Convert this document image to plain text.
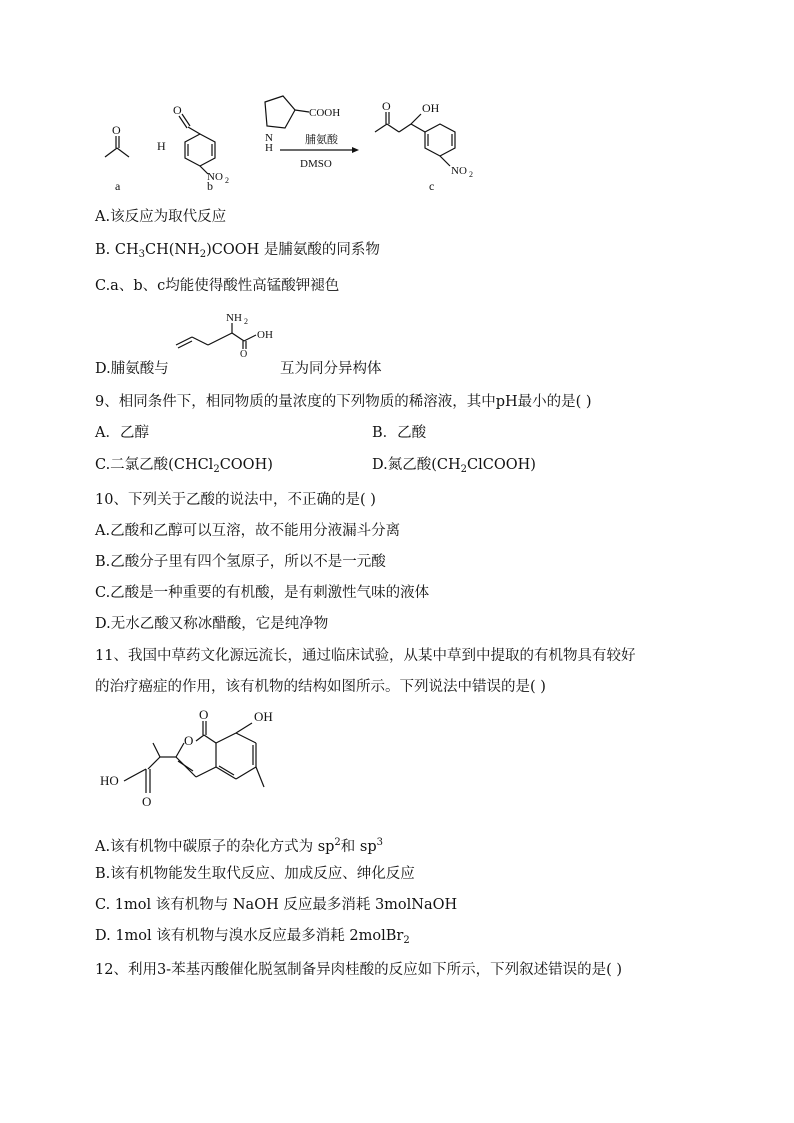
O
a
H
O
NO 2
b
COOH
N
H
脯氨酸
DMSO
O	OH
NO 2
c
A.该反应为取代反应
B. $CH_3CH(NH_2)COOH$ 是脯氨酸的同系物
C.a、b、c均能使得酸性高锰酸钾褪色
NH 2
OH
O
D.脯氨酸与	互为同分异构体
9、相同条件下，相同物质的量浓度的下列物质的稀溶液，其中pH最小的是( )
A．乙醇	B．乙酸
C.二氯乙酸(CHCl$_2$COOH)	D.氮乙酸$(CH_2ClCOOH)$
10、下列关于乙酸的说法中，不正确的是( )
A.乙酸和乙醇可以互溶，故不能用分液漏斗分离
B.乙酸分子里有四个氢原子，所以不是一元酸
C.乙酸是一种重要的有机酸，是有刺激性气味的液体
D.无水乙酸又称冰醋酸，它是纯净物
11、我国中草药文化源远流长，通过临床试验，从某中草到中提取的有机物具有较好
的治疗癌症的作用，该有机物的结构如图所示。下列说法中错误的是( )
HO
O
O
O	OH
A.该有机物中碳原子的杂化方式为 $sp^2$和 $sp^3$
B.该有机物能发生取代反应、加成反应、绅化反应
C. 1mol 该有机物与 NaOH 反应最多消耗 3molNaOH
D. 1mol 该有机物与溴水反应最多消耗 2molBr$_2$
12、利用3-苯基丙酸催化脱氢制备异肉桂酸的反应如下所示，下列叙述错误的是( )
